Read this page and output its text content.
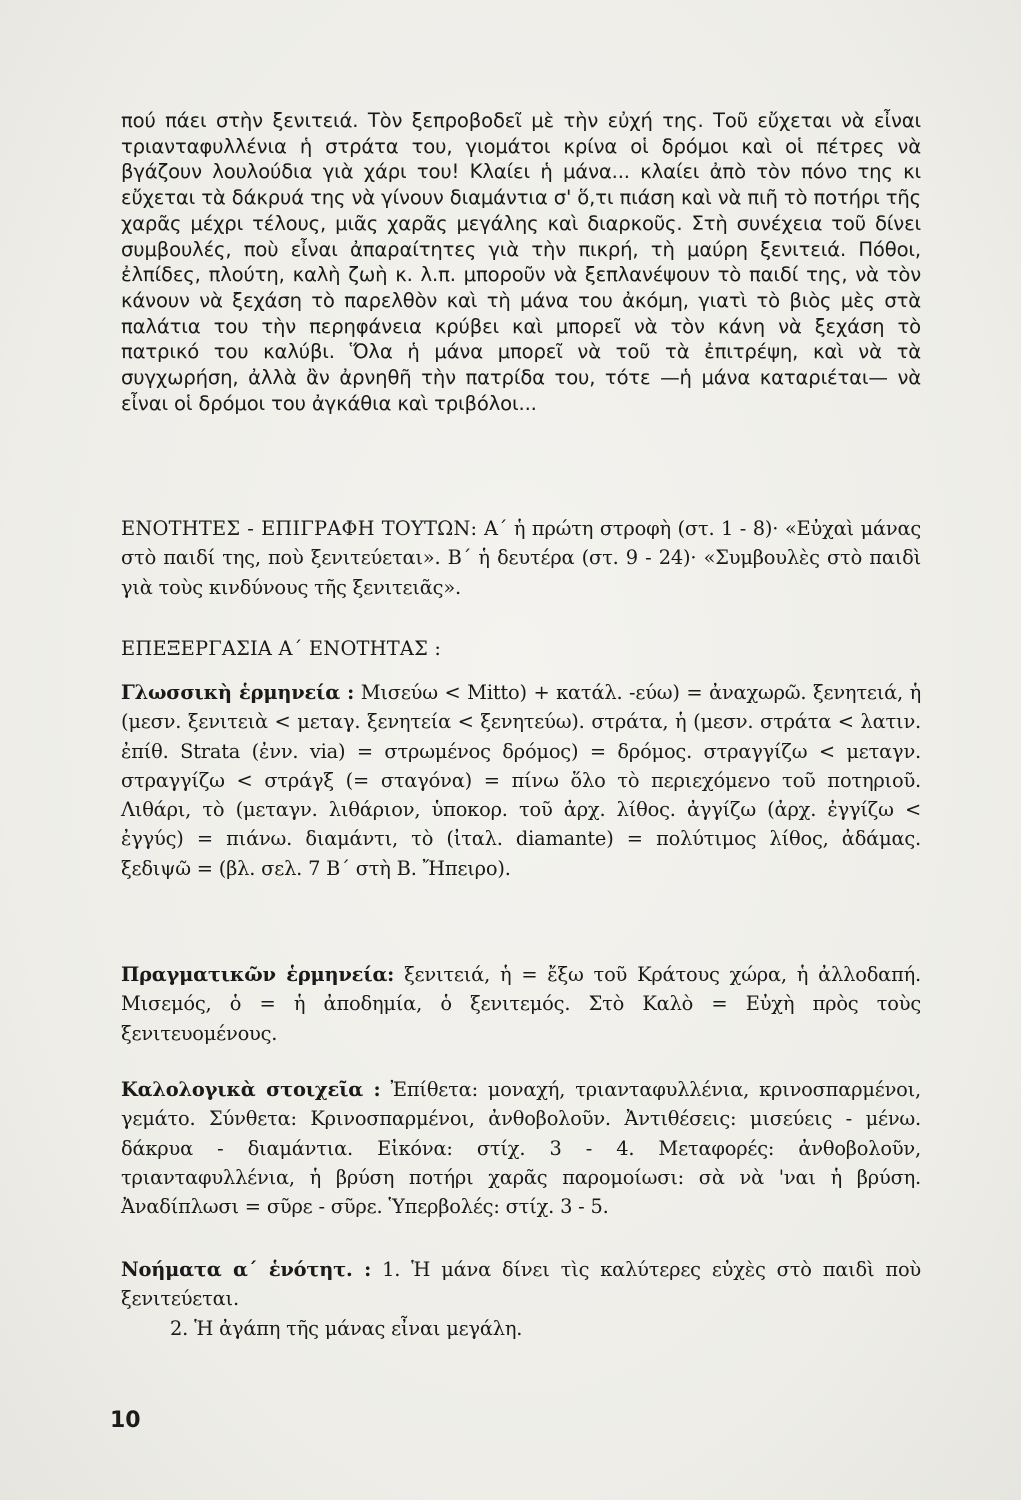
πού πάει στὴν ξενιτειά. Τὸν ξεπροβοδεῖ μὲ τὴν εὐχή της. Τοῦ εὔχεται νὰ εἶναι τριανταφυλλένια ἡ στράτα του, γιομάτοι κρίνα οἱ δρόμοι καὶ οἱ πέτρες νὰ βγάζουν λουλούδια γιὰ χάρι του! Κλαίει ἡ μάνα... κλαίει ἀπὸ τὸν πόνο της κι εὔχεται τὰ δάκρυά της νὰ γίνουν διαμάντια σ' ὅ,τι πιάση καὶ νὰ πιῆ τὸ ποτήρι τῆς χαρᾶς μέχρι τέλους, μιᾶς χαρᾶς μεγάλης καὶ διαρκοῦς. Στὴ συνέχεια τοῦ δίνει συμβουλές, ποὺ εἶναι ἀπαραίτητες γιὰ τὴν πικρή, τὴ μαύρη ξενιτειά. Πόθοι, ἐλπίδες, πλούτη, καλὴ ζωὴ κ. λ.π. μποροῦν νὰ ξεπλανέψουν τὸ παιδί της, νὰ τὸν κάνουν νὰ ξεχάση τὸ παρελθὸν καὶ τὴ μάνα του ἀκόμη, γιατὶ τὸ βιὸς μὲς στὰ παλάτια του τὴν περηφάνεια κρύβει καὶ μπορεῖ νὰ τὸν κάνη νὰ ξεχάση τὸ πατρικό του καλύβι. Ὅλα ἡ μάνα μπορεῖ νὰ τοῦ τὰ ἐπιτρέψη, καὶ νὰ τὰ συγχωρήση, ἀλλὰ ἂν ἀρνηθῆ τὴν πατρίδα του, τότε —ἡ μάνα καταριέται— νὰ εἶναι οἱ δρόμοι του ἀγκάθια καὶ τριβόλοι...

ΕΝΟΤΗΤΕΣ - ΕΠΙΓΡΑΦΗ ΤΟΥΤΩΝ: Α΄ ἡ πρώτη στροφὴ (στ. 1 - 8)· «Εὐχαὶ μάνας στὸ παιδί της, ποὺ ξενιτεύεται». Β΄ ἡ δευτέρα (στ. 9 - 24)· «Συμβουλὲς στὸ παιδὶ γιὰ τοὺς κινδύνους τῆς ξενιτειᾶς».

ΕΠΕΞΕΡΓΑΣΙΑ Α΄ ΕΝΟΤΗΤΑΣ :

Γλωσσικὴ ἑρμηνεία : Μισεύω < Mitto) + κατάλ. -εύω) = ἀναχωρῶ. ξενητειά, ἡ (μεσν. ξενιτειὰ < μεταγ. ξενητεία < ξενητεύω). στράτα, ἡ (μεσν. στράτα < λατιν. ἐπίθ. Strata (ἐνν. via) = στρωμένος δρόμος) = δρόμος. στραγγίζω < μεταγν. στραγγίζω < στράγξ (= σταγόνα) = πίνω ὅλο τὸ περιεχόμενο τοῦ ποτηριοῦ. Λιθάρι, τὸ (μεταγν. λιθάριον, ὑποκορ. τοῦ ἀρχ. λίθος. ἀγγίζω (ἀρχ. ἐγγίζω < ἐγγύς) = πιάνω. διαμάντι, τὸ (ἰταλ. diamante) = πολύτιμος λίθος, ἀδάμας. ξεδιψῶ = (βλ. σελ. 7 Β΄ στὴ Β. Ἤπειρο).

Πραγματικῶν ἑρμηνεία: ξενιτειά, ἡ = ἔξω τοῦ Κράτους χώρα, ἡ ἀλλοδαπή. Μισεμός, ὁ = ἡ ἀποδημία, ὁ ξενιτεμός. Στὸ Καλὸ = Εὐχὴ πρὸς τοὺς ξενιτευομένους.

Καλολογικὰ στοιχεῖα : Ἐπίθετα: μοναχή, τριανταφυλλένια, κρινοσπαρμένοι, γεμάτο. Σύνθετα: Κρινοσπαρμένοι, ἀνθοβολοῦν. Ἀντιθέσεις: μισεύεις - μένω. δάκρυα - διαμάντια. Εἰκόνα: στίχ. 3 - 4. Μεταφορές: ἀνθοβολοῦν, τριανταφυλλένια, ἡ βρύση ποτήρι χαρᾶς παρομοίωσι: σὰ νὰ 'ναι ἡ βρύση. Ἀναδίπλωσι = σῦρε - σῦρε. Ὑπερβολές: στίχ. 3 - 5.

Νοήματα α΄ ἑνότητ. : 1. Ἡ μάνα δίνει τὶς καλύτερες εὐχὲς στὸ παιδὶ ποὺ ξενιτεύεται.

2. Ἡ ἀγάπη τῆς μάνας εἶναι μεγάλη.
10
